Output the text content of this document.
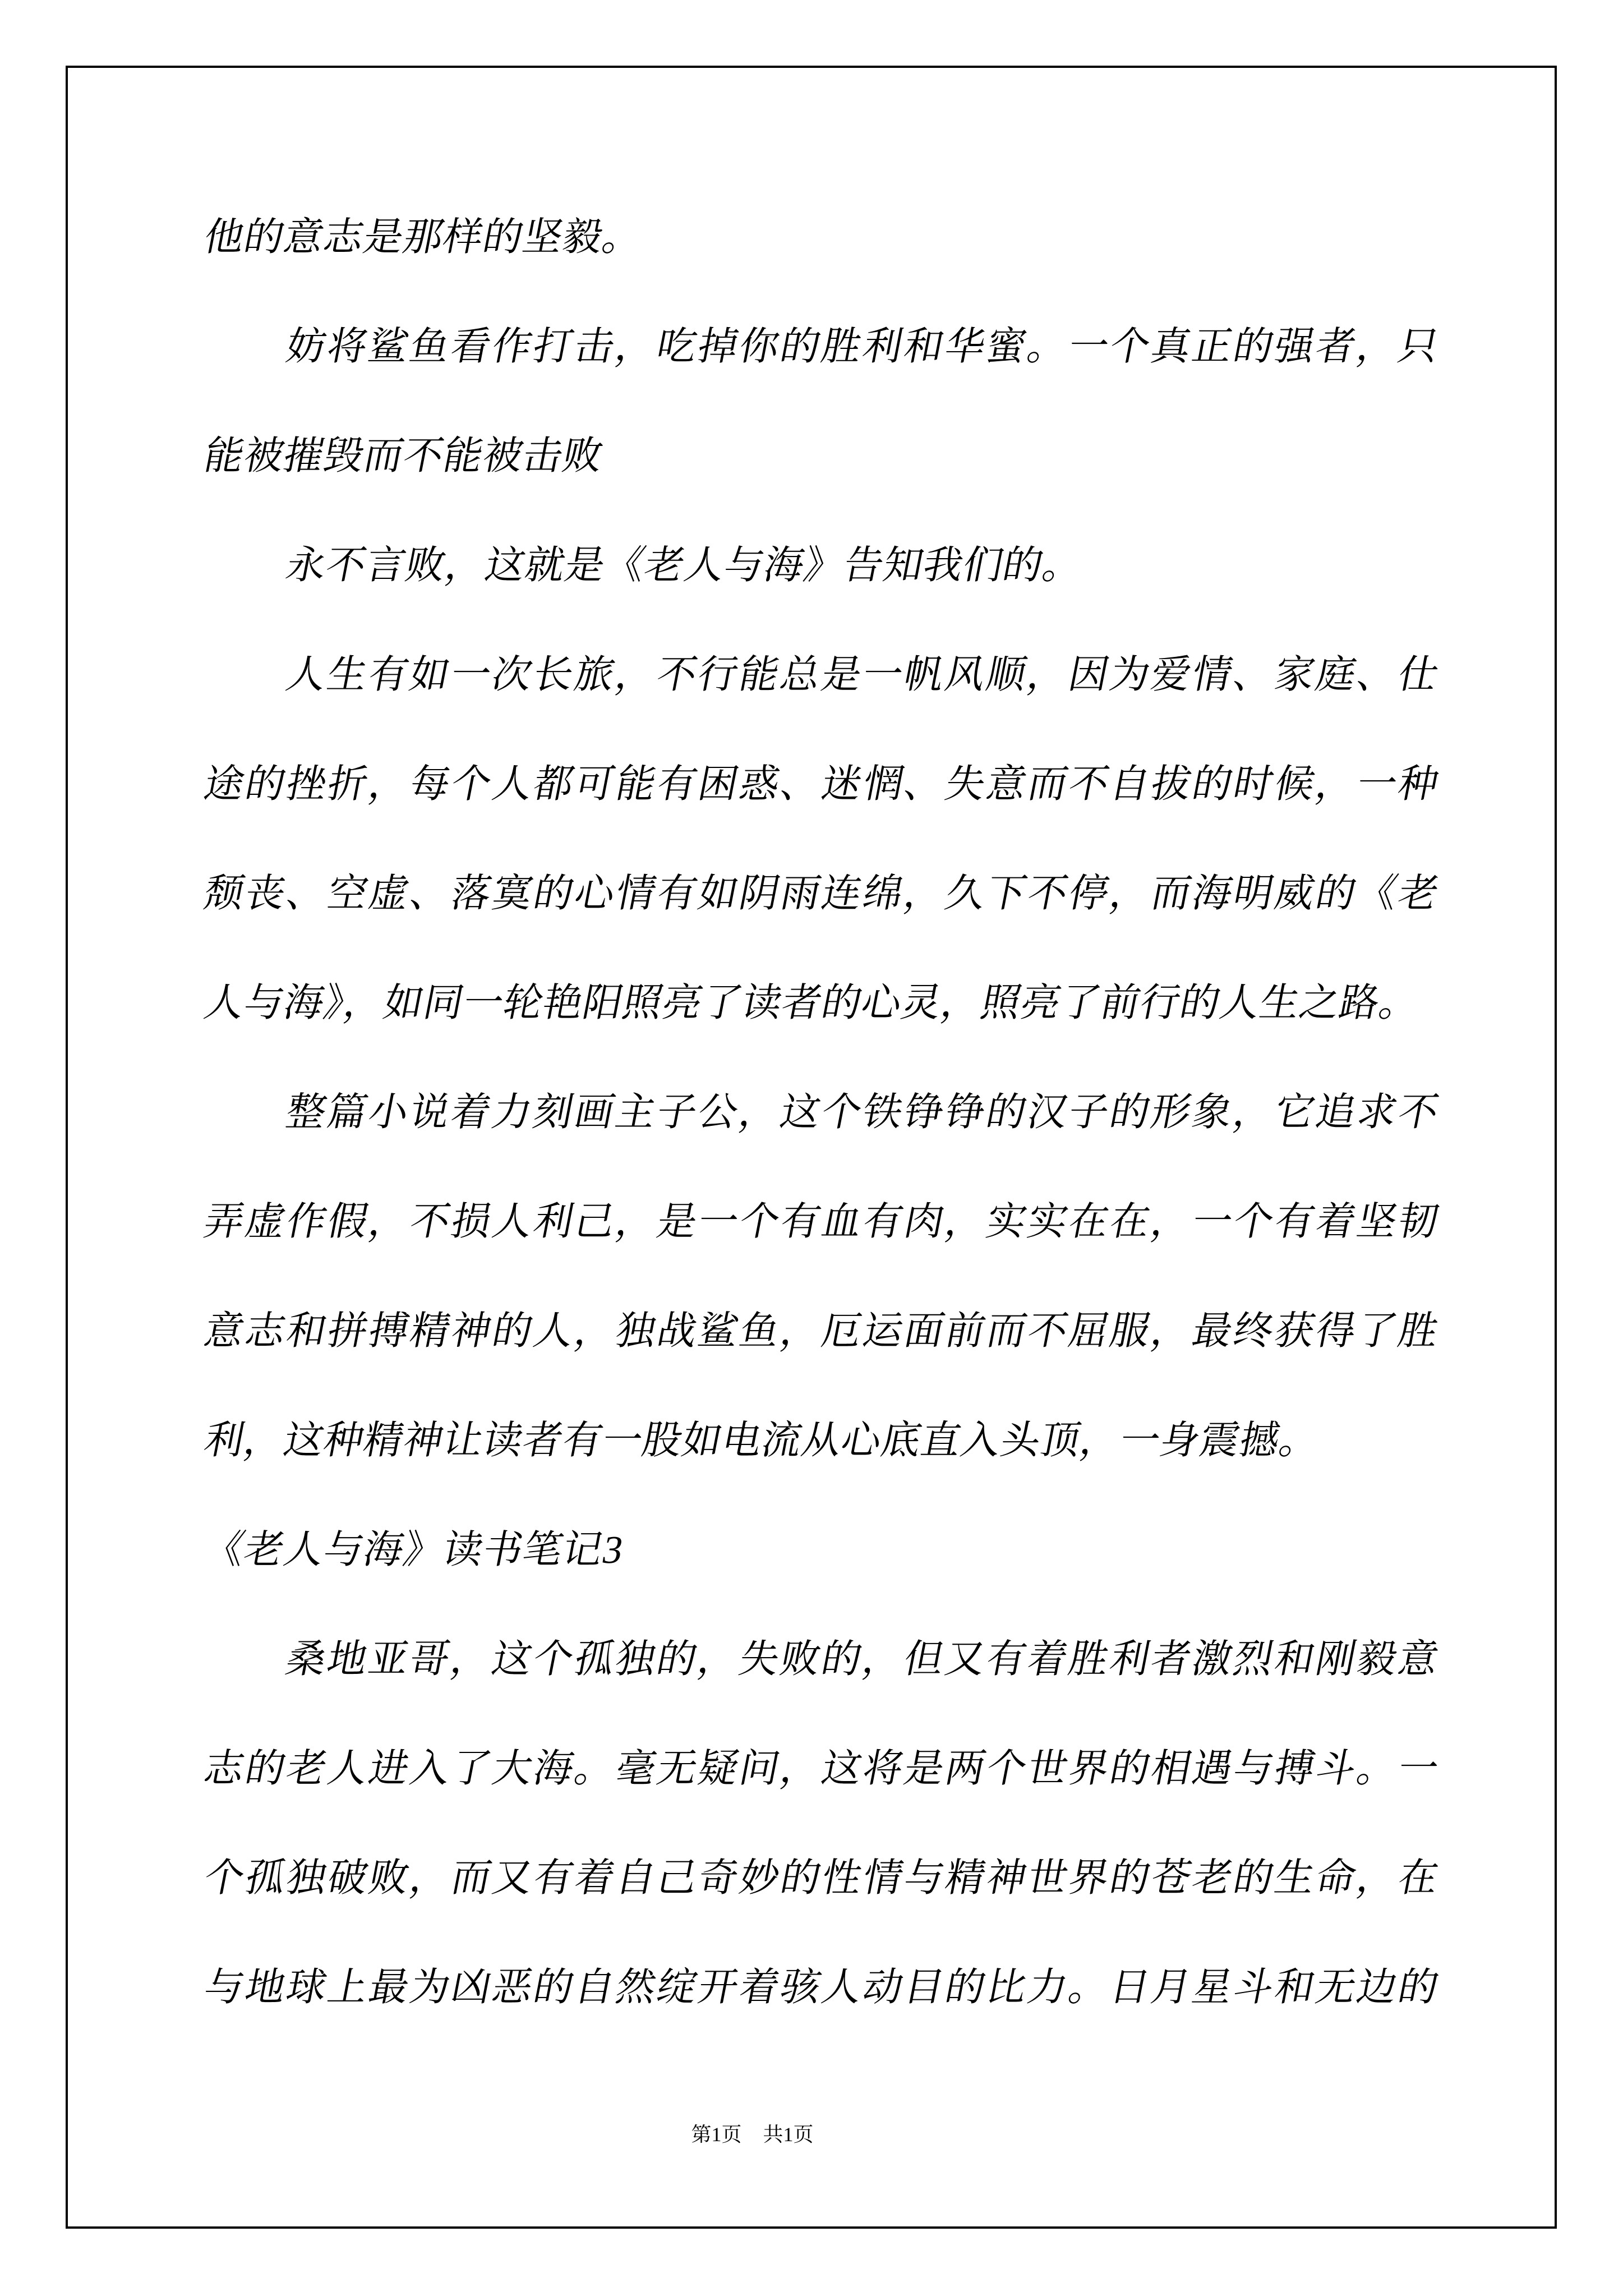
他的意志是那样的坚毅。
妨将鲨鱼看作打击，吃掉你的胜利和华蜜。一个真正的强者，只
能被摧毁而不能被击败
永不言败，这就是《老人与海》告知我们的。
人生有如一次长旅，不行能总是一帆风顺，因为爱情、家庭、仕
途的挫折，每个人都可能有困惑、迷惘、失意而不自拔的时候，一种
颓丧、空虚、落寞的心情有如阴雨连绵，久下不停，而海明威的《老
人与海》，如同一轮艳阳照亮了读者的心灵，照亮了前行的人生之路。
整篇小说着力刻画主子公，这个铁铮铮的汉子的形象，它追求不
弄虚作假，不损人利己，是一个有血有肉，实实在在，一个有着坚韧
意志和拼搏精神的人，独战鲨鱼，厄运面前而不屈服，最终获得了胜
利，这种精神让读者有一股如电流从心底直入头顶，一身震撼。
《老人与海》读书笔记3
桑地亚哥，这个孤独的，失败的，但又有着胜利者激烈和刚毅意
志的老人进入了大海。毫无疑问，这将是两个世界的相遇与搏斗。一
个孤独破败，而又有着自己奇妙的性情与精神世界的苍老的生命，在
与地球上最为凶恶的自然绽开着骇人动目的比力。日月星斗和无边的
第1页 共1页
